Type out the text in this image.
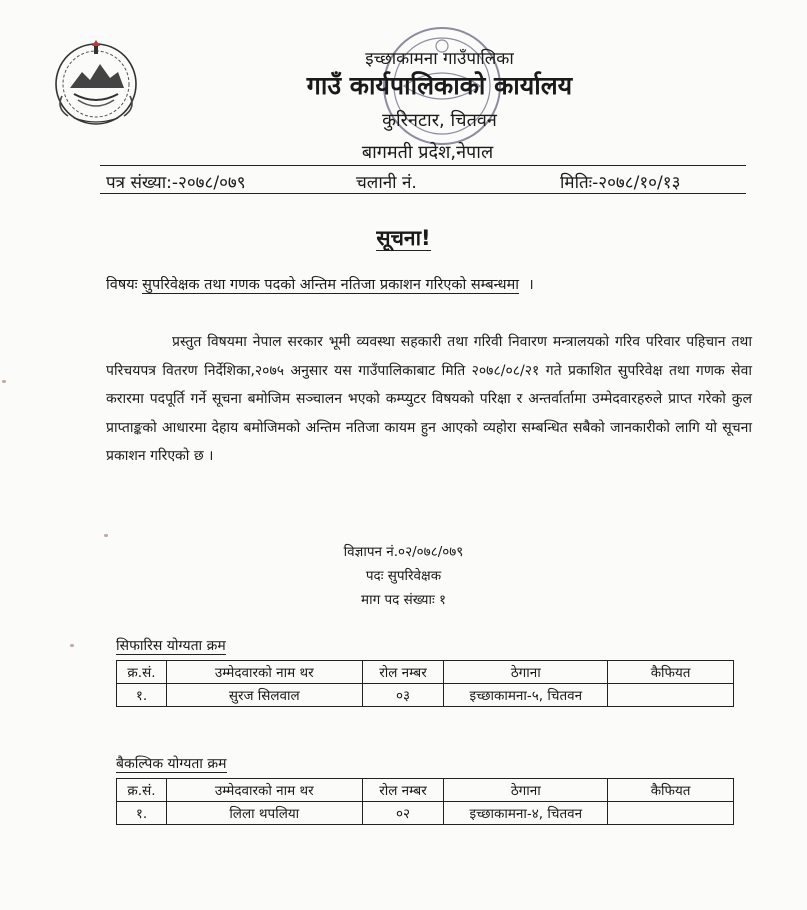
इच्छाकामना गाउँपालिका
गाउँ कार्यपालिकाको कार्यालय
कुरिनटार, चितवन
बागमती प्रदेश,नेपाल
पत्र संख्या:-२०७८/०७९	चलानी नं.	मितिः-२०७८/१०/१३
सूचना!
विषयः सुपरिवेक्षक तथा गणक पदको अन्तिम नतिजा प्रकाशन गरिएको सम्बन्धमा ।
प्रस्तुत विषयमा नेपाल सरकार भूमी व्यवस्था सहकारी तथा गरिवी निवारण मन्त्रालयको गरिव परिवार पहिचान तथा परिचयपत्र वितरण निर्देशिका,२०७५ अनुसार यस गाउँपालिकाबाट मिति २०७८/०८/२१ गते प्रकाशित सुपरिवेक्ष तथा गणक सेवा करारमा पदपूर्ति गर्ने सूचना बमोजिम सञ्चालन भएको कम्प्युटर विषयको परिक्षा र अन्तर्वार्तामा उम्मेदवारहरुले प्राप्त गरेको कुल प्राप्ताङ्कको आधारमा देहाय बमोजिमको अन्तिम नतिजा कायम हुन आएको व्यहोरा सम्बन्धित सबैको जानकारीको लागि यो सूचना प्रकाशन गरिएको छ ।
विज्ञापन नं.०२/०७८/०७९
पदः सुपरिवेक्षक
माग पद संख्याः १
सिफारिस योग्यता क्रम
क्र.सं.	उम्मेदवारको नाम थर	रोल नम्बर	ठेगाना	कैफियत
१.	सुरज सिलवाल	०३	इच्छाकामना-५, चितवन	
बैकल्पिक योग्यता क्रम
क्र.सं.	उम्मेदवारको नाम थर	रोल नम्बर	ठेगाना	कैफियत
१.	लिला थपलिया	०२	इच्छाकामना-४, चितवन	
